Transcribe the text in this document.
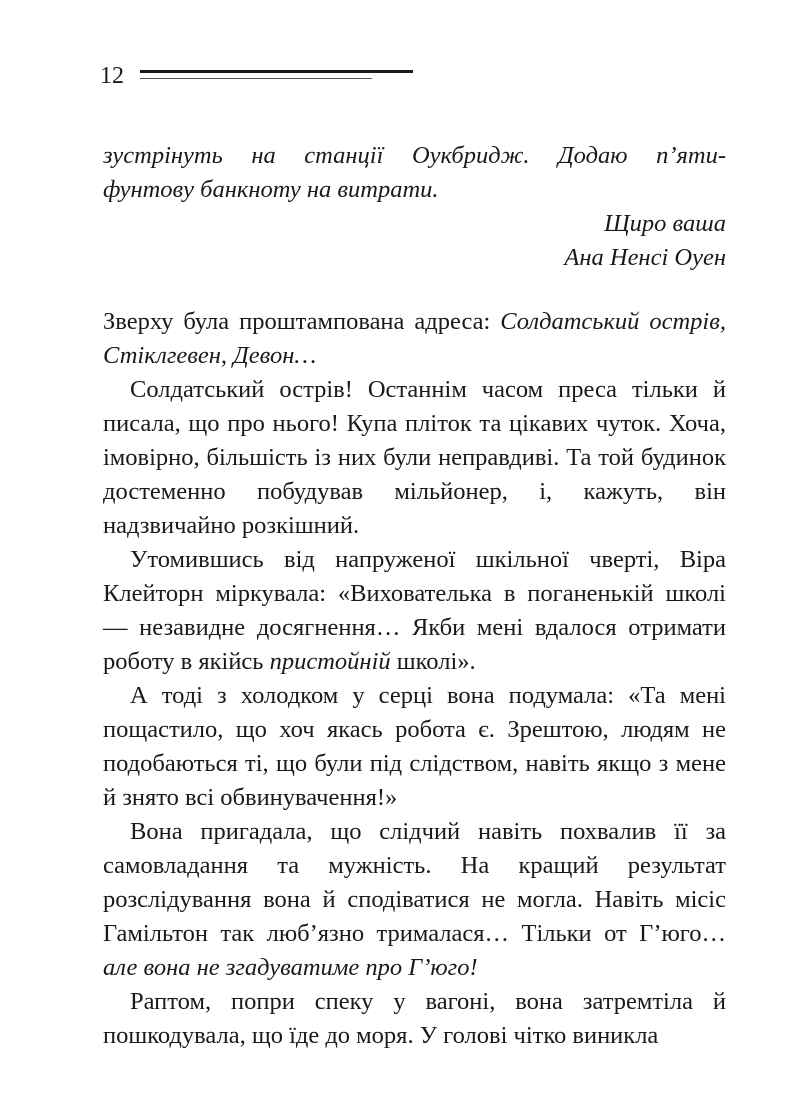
12
зустрінуть на станції Оукбридж. Додаю п’яти-
фунтову банкноту на витрати.
Щиро ваша
Ана Ненсі Оуен

Зверху була проштампована адреса: Солдатський острів, Стіклгевен, Девон…

Солдатський острів! Останнім часом преса тільки й писала, що про нього! Купа пліток та цікавих чуток. Хоча, імовірно, більшість із них були неправдиві. Та той будинок достеменно побудував мільйонер, і, кажуть, він надзвичайно розкішний.

Утомившись від напруженої шкільної чверті, Віра Клейторн міркувала: «Вихователька в поганенькій школі — незавидне досягнення… Якби мені вдалося отримати роботу в якійсь пристойній школі».

А тоді з холодком у серці вона подумала: «Та мені пощастило, що хоч якась робота є. Зрештою, людям не подобаються ті, що були під слідством, навіть якщо з мене й знято всі обвинувачення!»

Вона пригадала, що слідчий навіть похвалив її за самовладання та мужність. На кращий результат розслідування вона й сподіватися не могла. Навіть місіс Гамільтон так люб’язно трималася… Тільки от Г’юго… але вона не згадуватиме про Г’юго!

Раптом, попри спеку у вагоні, вона затремтіла й пошкодувала, що їде до моря. У голові чітко виникла
